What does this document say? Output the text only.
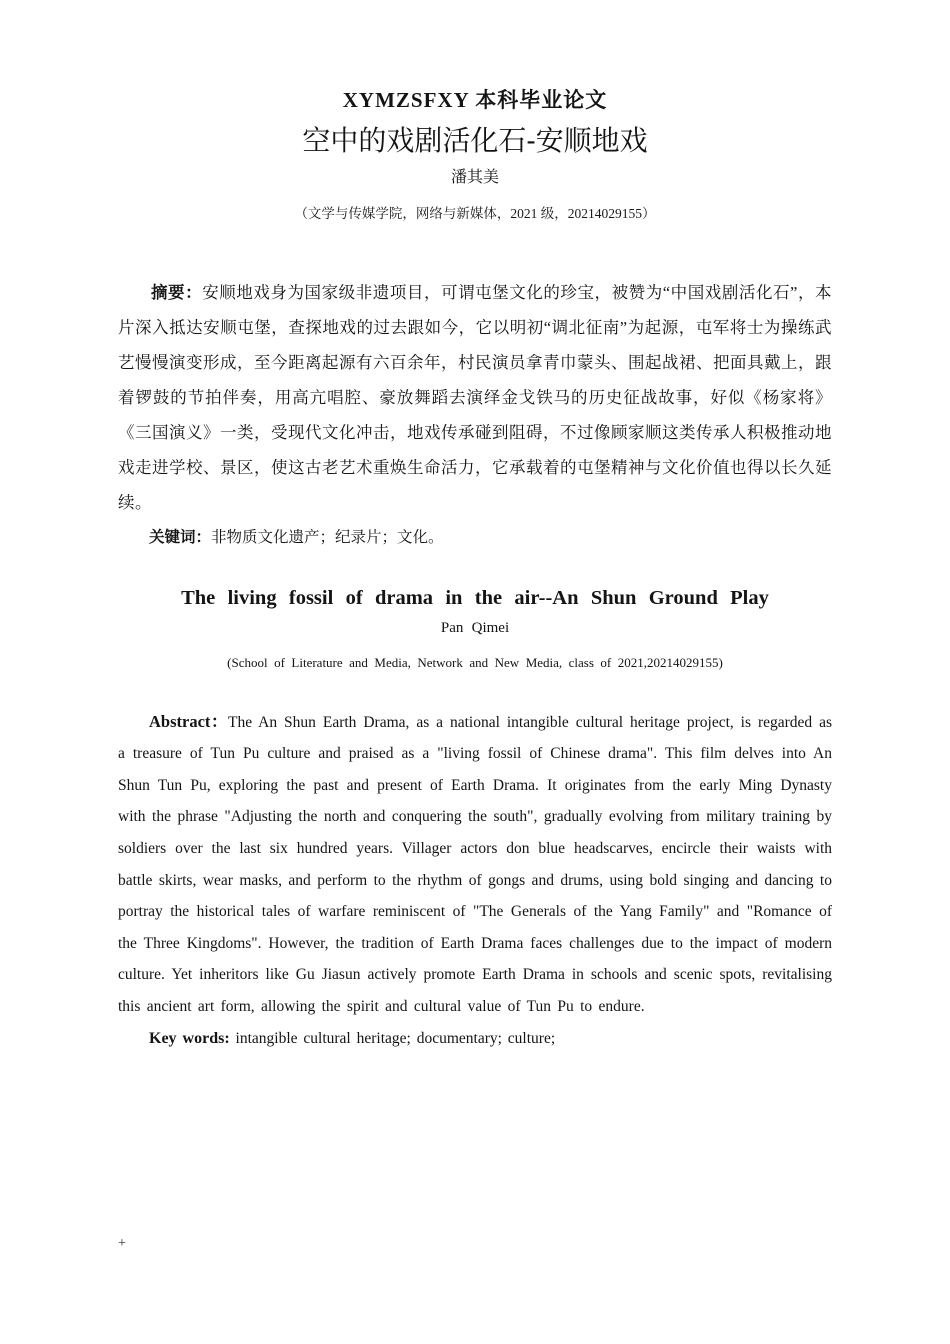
XYMZSFXY 本科毕业论文
空中的戏剧活化石-安顺地戏
潘其美
（文学与传媒学院，网络与新媒体，2021 级，20214029155）

摘要：安顺地戏身为国家级非遗项目，可谓屯堡文化的珍宝，被赞为“中国戏剧活化石”，本片深入抵达安顺屯堡，查探地戏的过去跟如今，它以明初“调北征南”为起源，屯军将士为操练武艺慢慢演变形成，至今距离起源有六百余年，村民演员拿青巾蒙头、围起战裙、把面具戴上，跟着锣鼓的节拍伴奏，用高亢唱腔、豪放舞蹈去演绎金戈铁马的历史征战故事，好似《杨家将》《三国演义》一类，受现代文化冲击，地戏传承碰到阻碍，不过像顾家顺这类传承人积极推动地戏走进学校、景区，使这古老艺术重焕生命活力，它承载着的屯堡精神与文化价值也得以长久延续。

关键词：非物质文化遗产；纪录片；文化。

The living fossil of drama in the air--An Shun Ground Play
Pan Qimei
(School of Literature and Media, Network and New Media, class of 2021,20214029155)

Abstract：The An Shun Earth Drama, as a national intangible cultural heritage project, is regarded as a treasure of Tun Pu culture and praised as a "living fossil of Chinese drama". This film delves into An Shun Tun Pu, exploring the past and present of Earth Drama. It originates from the early Ming Dynasty with the phrase "Adjusting the north and conquering the south", gradually evolving from military training by soldiers over the last six hundred years. Villager actors don blue headscarves, encircle their waists with battle skirts, wear masks, and perform to the rhythm of gongs and drums, using bold singing and dancing to portray the historical tales of warfare reminiscent of "The Generals of the Yang Family" and "Romance of the Three Kingdoms". However, the tradition of Earth Drama faces challenges due to the impact of modern culture. Yet inheritors like Gu Jiasun actively promote Earth Drama in schools and scenic spots, revitalising this ancient art form, allowing the spirit and cultural value of Tun Pu to endure.

Key words: intangible cultural heritage; documentary; culture;

+
